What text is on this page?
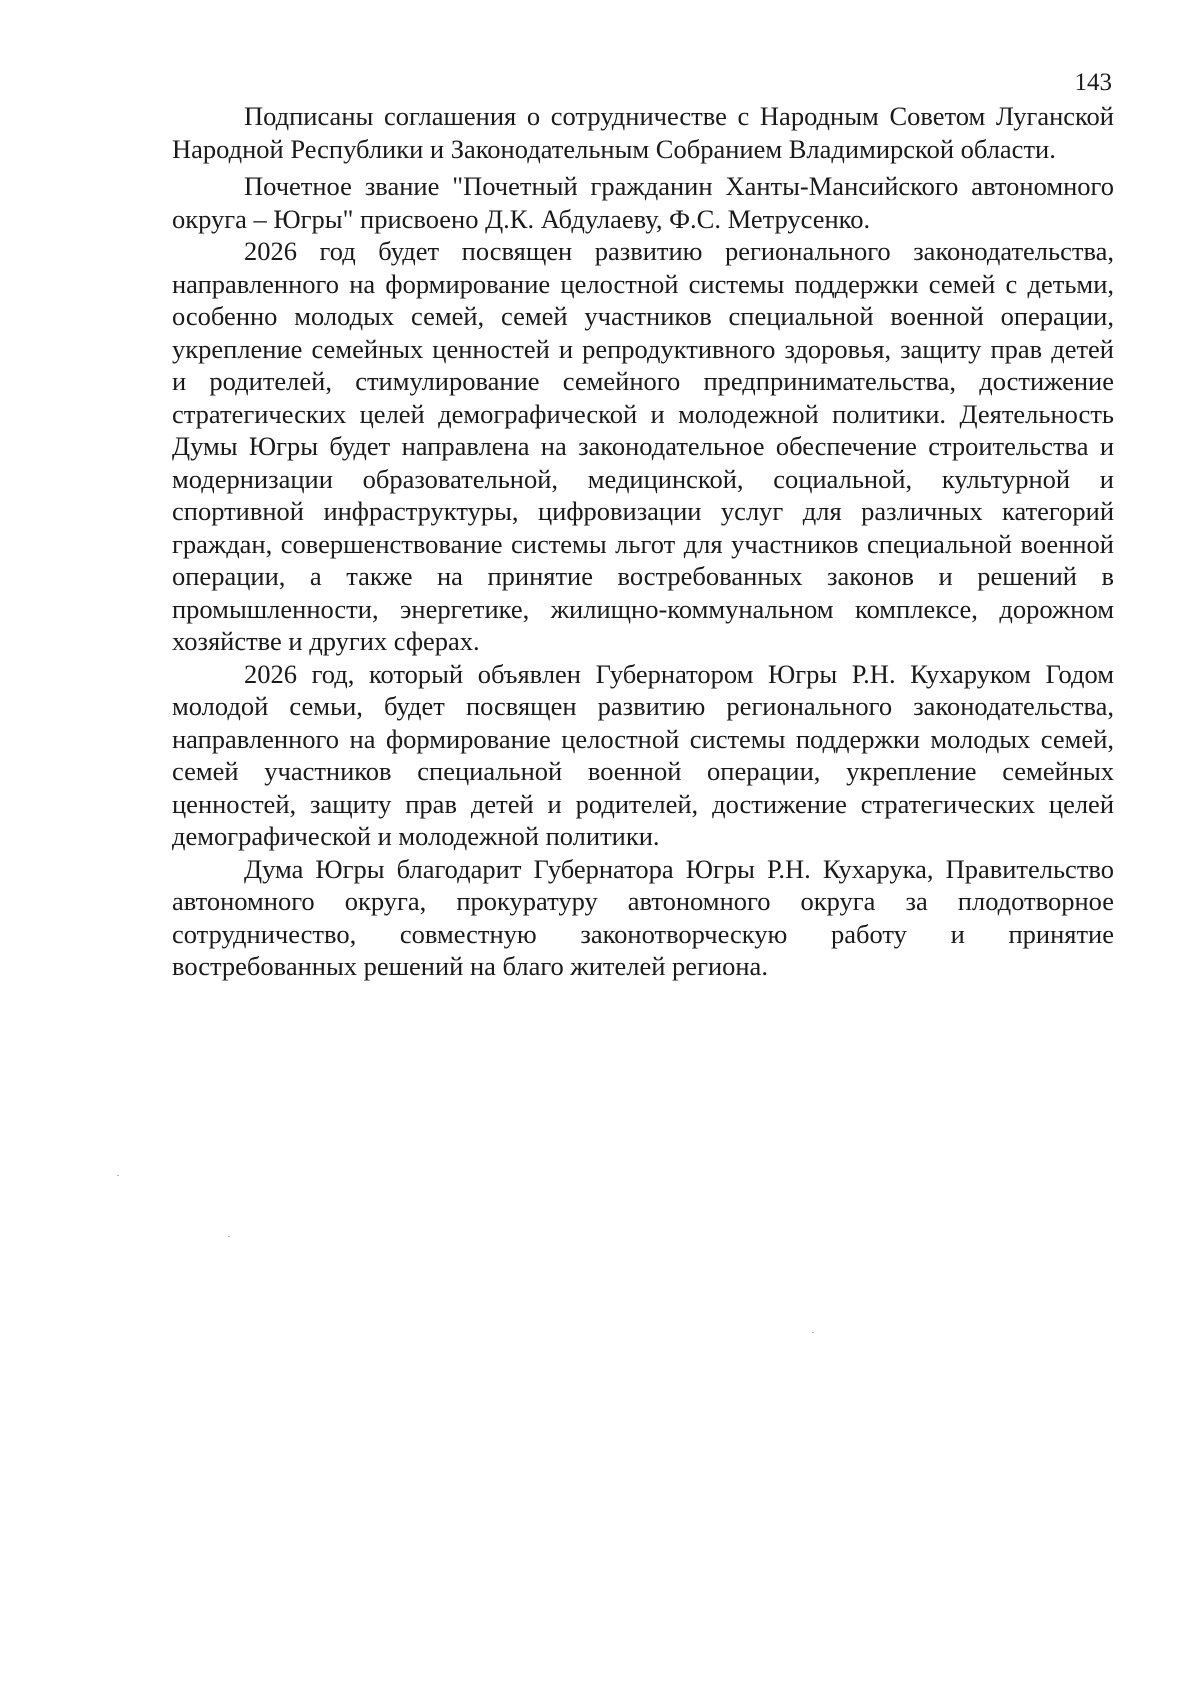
143

Подписаны соглашения о сотрудничестве с Народным Советом Луганской Народной Республики и Законодательным Собранием Владимирской области.

Почетное звание "Почетный гражданин Ханты-Мансийского автономного округа – Югры" присвоено Д.К. Абдулаеву, Ф.С. Метрусенко.

2026 год будет посвящен развитию регионального законодательства, направленного на формирование целостной системы поддержки семей с детьми, особенно молодых семей, семей участников специальной военной операции, укрепление семейных ценностей и репродуктивного здоровья, защиту прав детей и родителей, стимулирование семейного предпринимательства, достижение стратегических целей демографической и молодежной политики. Деятельность Думы Югры будет направлена на законодательное обеспечение строительства и модернизации образовательной, медицинской, социальной, культурной и спортивной инфраструктуры, цифровизации услуг для различных категорий граждан, совершенствование системы льгот для участников специальной военной операции, а также на принятие востребованных законов и решений в промышленности, энергетике, жилищно-коммунальном комплексе, дорожном хозяйстве и других сферах.

2026 год, который объявлен Губернатором Югры Р.Н. Кухаруком Годом молодой семьи, будет посвящен развитию регионального законодательства, направленного на формирование целостной системы поддержки молодых семей, семей участников специальной военной операции, укрепление семейных ценностей, защиту прав детей и родителей, достижение стратегических целей демографической и молодежной политики.

Дума Югры благодарит Губернатора Югры Р.Н. Кухарука, Правительство автономного округа, прокуратуру автономного округа за плодотворное сотрудничество, совместную законотворческую работу и принятие востребованных решений на благо жителей региона.
